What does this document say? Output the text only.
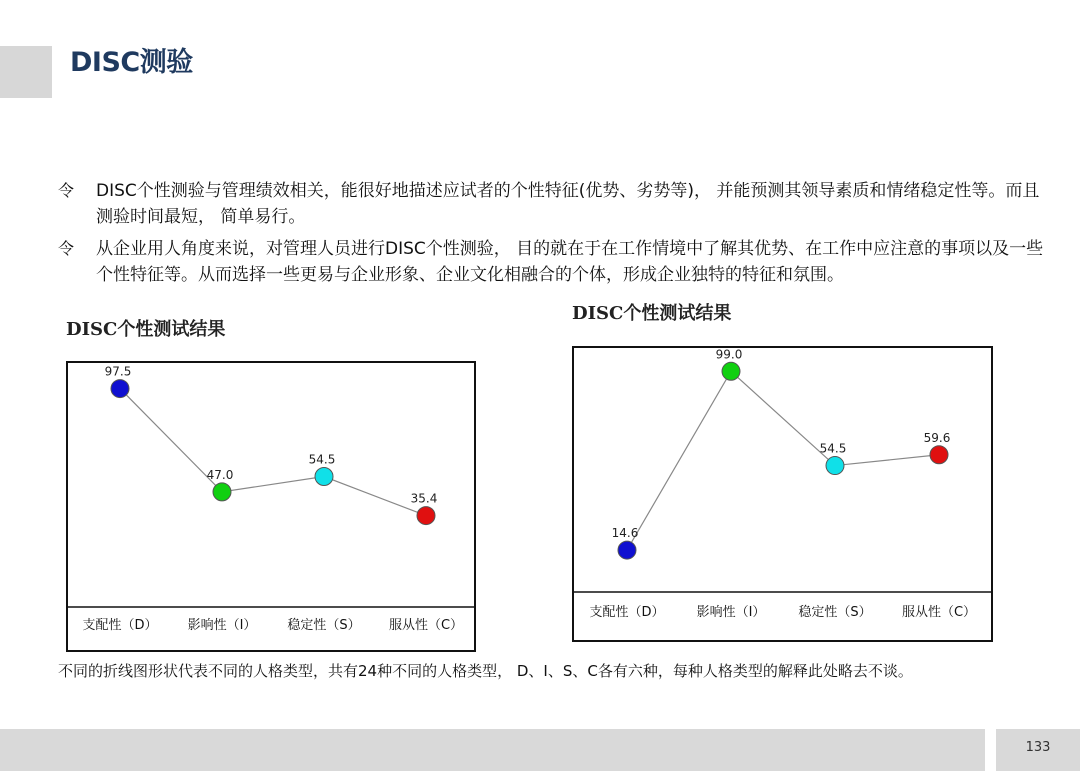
DISC测验
令 DISC个性测验与管理绩效相关，能很好地描述应试者的个性特征(优势、劣势等)， 并能预测其领导素质和情绪稳定性等。而且测验时间最短， 简单易行。
令 从企业用人角度来说，对管理人员进行DISC个性测验， 目的就在于在工作情境中了解其优势、在工作中应注意的事项以及一些个性特征等。从而选择一些更易与企业形象、企业文化相融合的个体，形成企业独特的特征和氛围。
DISC个性测试结果
DISC个性测试结果
97.5
47.0
54.5
35.4
支配性（D） 影响性（I） 稳定性（S） 服从性（C）
14.6
99.0
54.5
59.6
支配性（D） 影响性（I）	稳定性（S） 服从性（C）
不同的折线图形状代表不同的人格类型，共有24种不同的人格类型， D、I、S、C各有六种，每种人格类型的解释此处略去不谈。
133
